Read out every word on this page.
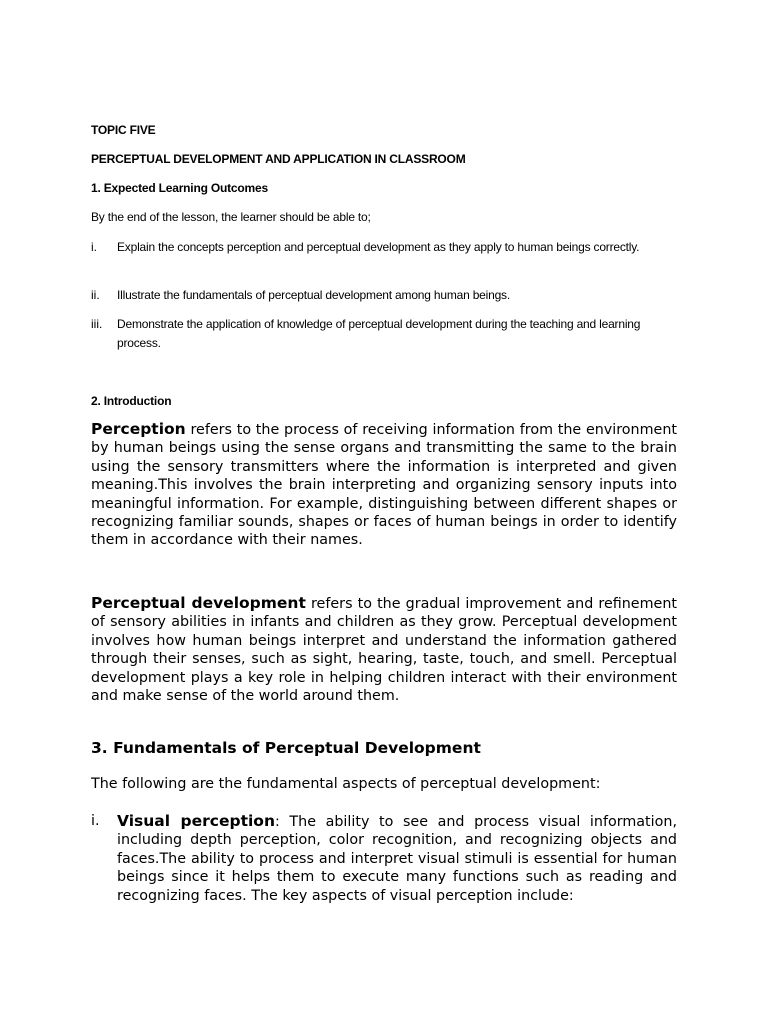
TOPIC FIVE

PERCEPTUAL DEVELOPMENT AND APPLICATION IN CLASSROOM

1. Expected Learning Outcomes

By the end of the lesson, the learner should be able to;

i. Explain the concepts perception and perceptual development as they apply to human beings correctly.

ii. Illustrate the fundamentals of perceptual development among human beings.

iii. Demonstrate the application of knowledge of perceptual development during the teaching and learning process.

2. Introduction

Perception refers to the process of receiving information from the environment by human beings using the sense organs and transmitting the same to the brain using the sensory transmitters where the information is interpreted and given meaning.This involves the brain interpreting and organizing sensory inputs into meaningful information. For example, distinguishing between different shapes or recognizing familiar sounds, shapes or faces of human beings in order to identify them in accordance with their names.

Perceptual development refers to the gradual improvement and refinement of sensory abilities in infants and children as they grow. Perceptual development involves how human beings interpret and understand the information gathered through their senses, such as sight, hearing, taste, touch, and smell. Perceptual development plays a key role in helping children interact with their environment and make sense of the world around them.

3. Fundamentals of Perceptual Development

The following are the fundamental aspects of perceptual development:

i. Visual perception: The ability to see and process visual information, including depth perception, color recognition, and recognizing objects and faces.The ability to process and interpret visual stimuli is essential for human beings since it helps them to execute many functions such as reading and recognizing faces. The key aspects of visual perception include:
